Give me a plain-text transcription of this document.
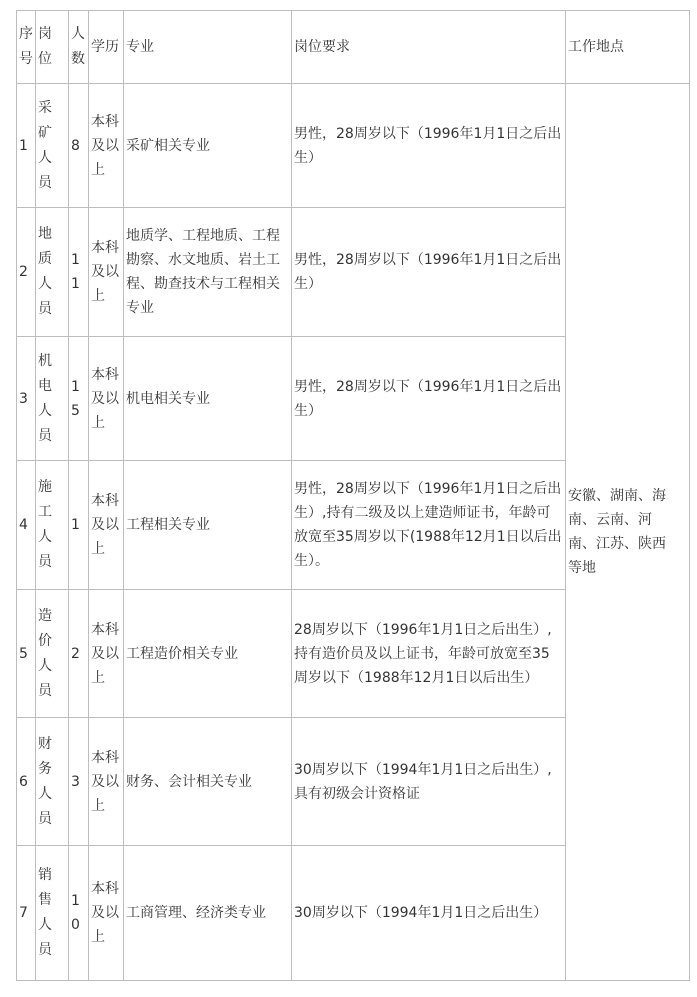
序号	岗位	人数	学历	专业	岗位要求	工作地点
1	采矿人员	8	本科及以上	采矿相关专业	男性，28周岁以下（1996年1月1日之后出生）	安徽、湖南、海南、云南、河南、江苏、陕西等地

2	地质人员	11	本科及以上	地质学、工程地质、工程勘察、水文地质、岩土工程、勘查技术与工程相关专业	男性，28周岁以下（1996年1月1日之后出生）	
3	机电人员	15	本科及以上	机电相关专业	男性，28周岁以下（1996年1月1日之后出生）	
4	施工人员	1	本科及以上	工程相关专业	男性，28周岁以下（1996年1月1日之后出生）,持有二级及以上建造师证书，年龄可放宽至35周岁以下(1988年12月1日以后出生）。	
5	造价人员	2	本科及以上	工程造价相关专业	28周岁以下（1996年1月1日之后出生）,持有造价员及以上证书，年龄可放宽至35周岁以下（1988年12月1日以后出生）	
6	财务人员	3	本科及以上	财务、会计相关专业	30周岁以下（1994年1月1日之后出生）,具有初级会计资格证	
7	销售人员	10	本科及以上	工商管理、经济类专业	30周岁以下（1994年1月1日之后出生）	
